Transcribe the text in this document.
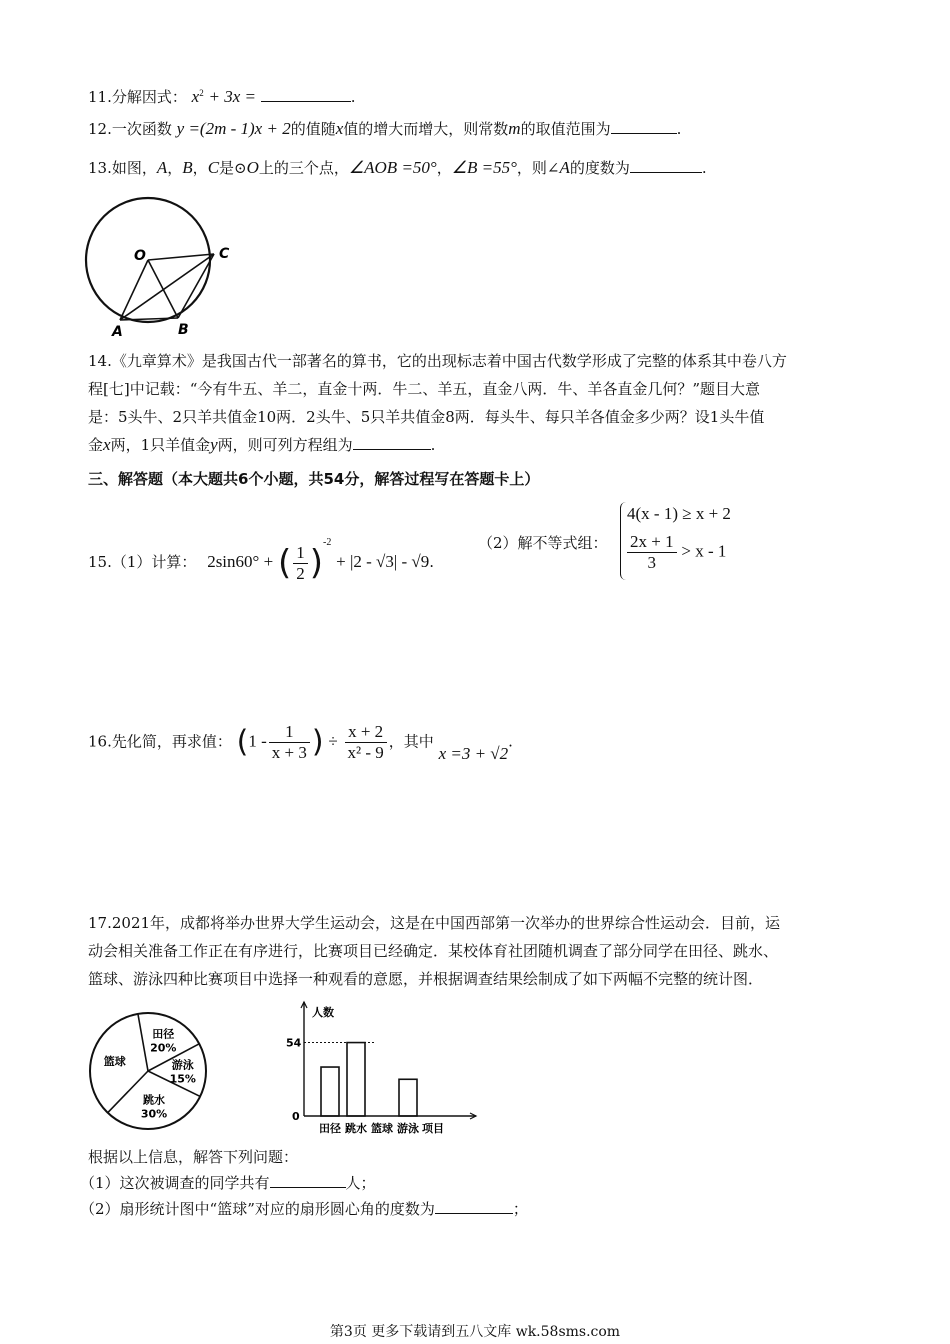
11.分解因式： $x^2 + 3x$ =	.
12.一次函数 y =(2m - 1)x + 2的值随x值的增大而增大，则常数m的取值范围为	.
13.如图，A，B，C是⊙O上的三个点，∠AOB =50°，∠B =55°，则∠A的度数为	.
O	C
A	B
14.《九章算术》是我国古代一部著名的算书，它的出现标志着中国古代数学形成了完整的体系其中卷八方
程[七]中记载：“今有牛五、羊二，直金十两．牛二、羊五，直金八两．牛、羊各直金几何？”题目大意
是：5头牛、2只羊共值金10两．2头牛、5只羊共值金8两．每头牛、每只羊各值金多少两？设1头牛值
金x两，1只羊值金y两，则可列方程组为	.
三、解答题（本大题共6个小题，共54分，解答过程写在答题卡上）
15.（1）计算： 2sin60° + ( $\frac{1}{2} )^{-2} + |2 - √3| - √9$.
（2）解不等式组：
4(x - 1) ≥ x + 2
$\frac{2x + 1}{3} > x - 1$
16.先化简，再求值： ($1 - \frac{1}{x + 3}$ ) ÷ $\frac{x + 2}{\text{x² - 9}}$ ，其中 x =3 + √2.
17.2021年，成都将举办世界大学生运动会，这是在中国西部第一次举办的世界综合性运动会．目前，运
动会相关准备工作正在有序进行，比赛项目已经确定．某校体育社团随机调查了部分同学在田径、跳水、
篮球、游泳四种比赛项目中选择一种观看的意愿，并根据调查结果绘制成了如下两幅不完整的统计图．
田径
20%
游泳
15%
跳水
30%
篮球
人数
0
54
田径 跳水 篮球 游泳 项目
根据以上信息，解答下列问题：
（1）这次被调查的同学共有	人；
（2）扇形统计图中“篮球”对应的扇形圆心角的度数为	；
第3页 更多下载请到五八文库 wk.58sms.com
